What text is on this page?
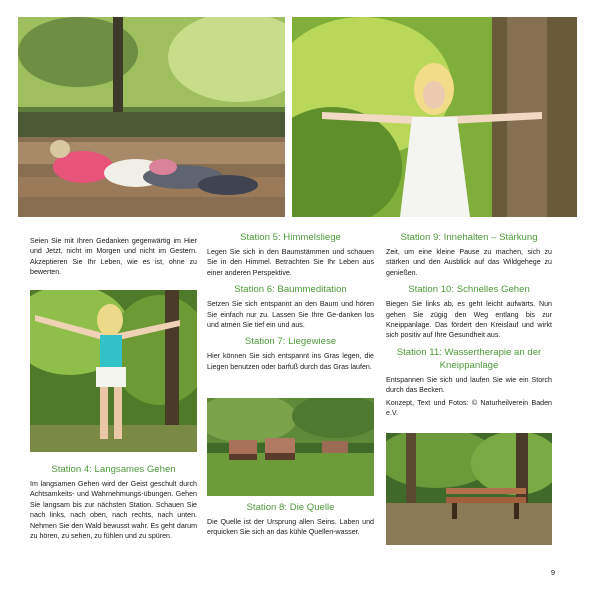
Seien Sie mit Ihren Gedanken gegenwärtig im Hier und Jetzt, nicht im Morgen und nicht im Gestern. Akzeptieren Sie Ihr Leben, wie es ist, ohne zu bewerten.

Station 4: Langsames Gehen

Im langsamen Gehen wird der Geist geschult durch Achtsamkeits- und Wahrnehmungs-übungen. Gehen Sie langsam bis zur nächsten Station. Schauen Sie nach links, nach oben, nach rechts, nach unten. Nehmen Sie den Wald bewusst wahr. Es geht darum zu hören, zu sehen, zu fühlen und zu spüren.

Station 5: Himmelsliege

Legen Sie sich in den Baumstämmen und schauen Sie in den Himmel. Betrachten Sie Ihr Leben aus einer anderen Perspektive.

Station 6: Baummeditation

Setzen Sie sich entspannt an den Baum und hören Sie einfach nur zu. Lassen Sie Ihre Ge-danken los und atmen Sie tief ein und aus.

Station 7: Liegewiese

Hier können Sie sich entspannt ins Gras legen, die Liegen benutzen oder barfuß durch das Gras laufen.

Station 8: Die Quelle

Die Quelle ist der Ursprung allen Seins. Laben und erquicken Sie sich an das kühle Quellen-wasser.

Station 9: Innehalten – Stärkung

Zeit, um eine kleine Pause zu machen, sich zu stärken und den Ausblick auf das Wildgehege zu genießen.

Station 10: Schnelles Gehen

Biegen Sie links ab, es geht leicht aufwärts. Nun gehen Sie zügig den Weg entlang bis zur Kneippanlage. Das fördert den Kreislauf und wirkt sich positiv auf Ihre Gesundheit aus.

Station 11: Wassertherapie an der Kneippanlage

Entspannen Sie sich und laufen Sie wie ein Storch durch das Becken.

Konzept, Text und Fotos: © Naturheilverein Baden e.V.

9
